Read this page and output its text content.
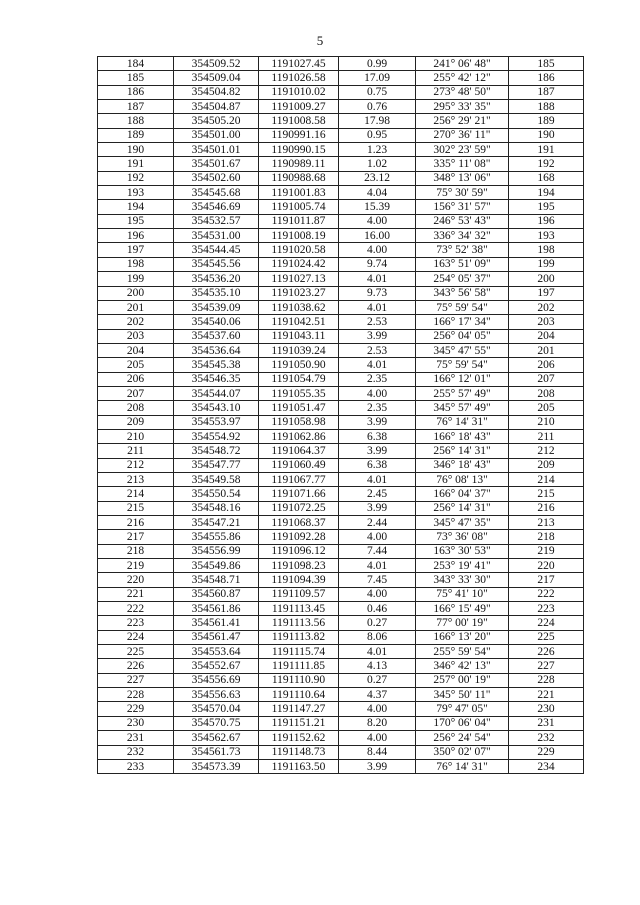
5
184	354509.52	1191027.45	0.99	241° 06' 48"	185
185	354509.04	1191026.58	17.09	255° 42' 12"	186
186	354504.82	1191010.02	0.75	273° 48' 50"	187
187	354504.87	1191009.27	0.76	295° 33' 35"	188
188	354505.20	1191008.58	17.98	256° 29' 21"	189
189	354501.00	1190991.16	0.95	270° 36' 11"	190
190	354501.01	1190990.15	1.23	302° 23' 59"	191
191	354501.67	1190989.11	1.02	335° 11' 08"	192
192	354502.60	1190988.68	23.12	348° 13' 06"	168
193	354545.68	1191001.83	4.04	75° 30' 59"	194
194	354546.69	1191005.74	15.39	156° 31' 57"	195
195	354532.57	1191011.87	4.00	246° 53' 43"	196
196	354531.00	1191008.19	16.00	336° 34' 32"	193
197	354544.45	1191020.58	4.00	73° 52' 38"	198
198	354545.56	1191024.42	9.74	163° 51' 09"	199
199	354536.20	1191027.13	4.01	254° 05' 37"	200
200	354535.10	1191023.27	9.73	343° 56' 58"	197
201	354539.09	1191038.62	4.01	75° 59' 54"	202
202	354540.06	1191042.51	2.53	166° 17' 34"	203
203	354537.60	1191043.11	3.99	256° 04' 05"	204
204	354536.64	1191039.24	2.53	345° 47' 55"	201
205	354545.38	1191050.90	4.01	75° 59' 54"	206
206	354546.35	1191054.79	2.35	166° 12' 01"	207
207	354544.07	1191055.35	4.00	255° 57' 49"	208
208	354543.10	1191051.47	2.35	345° 57' 49"	205
209	354553.97	1191058.98	3.99	76° 14' 31"	210
210	354554.92	1191062.86	6.38	166° 18' 43"	211
211	354548.72	1191064.37	3.99	256° 14' 31"	212
212	354547.77	1191060.49	6.38	346° 18' 43"	209
213	354549.58	1191067.77	4.01	76° 08' 13"	214
214	354550.54	1191071.66	2.45	166° 04' 37"	215
215	354548.16	1191072.25	3.99	256° 14' 31"	216
216	354547.21	1191068.37	2.44	345° 47' 35"	213
217	354555.86	1191092.28	4.00	73° 36' 08"	218
218	354556.99	1191096.12	7.44	163° 30' 53"	219
219	354549.86	1191098.23	4.01	253° 19' 41"	220
220	354548.71	1191094.39	7.45	343° 33' 30"	217
221	354560.87	1191109.57	4.00	75° 41' 10"	222
222	354561.86	1191113.45	0.46	166° 15' 49"	223
223	354561.41	1191113.56	0.27	77° 00' 19"	224
224	354561.47	1191113.82	8.06	166° 13' 20"	225
225	354553.64	1191115.74	4.01	255° 59' 54"	226
226	354552.67	1191111.85	4.13	346° 42' 13"	227
227	354556.69	1191110.90	0.27	257° 00' 19"	228
228	354556.63	1191110.64	4.37	345° 50' 11"	221
229	354570.04	1191147.27	4.00	79° 47' 05"	230
230	354570.75	1191151.21	8.20	170° 06' 04"	231
231	354562.67	1191152.62	4.00	256° 24' 54"	232
232	354561.73	1191148.73	8.44	350° 02' 07"	229
233	354573.39	1191163.50	3.99	76° 14' 31"	234
